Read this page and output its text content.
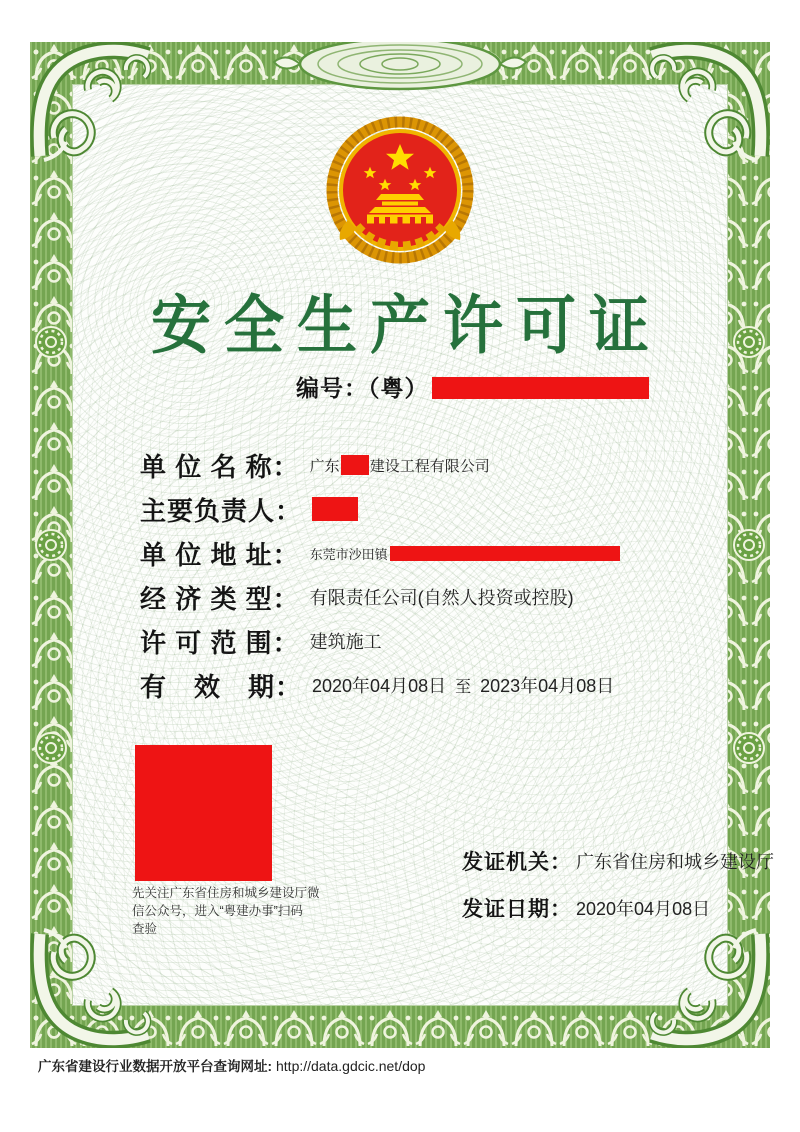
安全生产许可证
编号：（粤）
单 位 名 称： 广东 建设工程有限公司
主要负责人：
单 位 地 址： 东莞市沙田镇
经 济 类 型： 有限责任公司(自然人投资或控股)
许 可 范 围： 建筑施工
有　效　期： 2020年04月08日 至 2023年04月08日
先关注广东省住房和城乡建设厅微
信公众号，进入“粤建办事”扫码
查验
发证机关： 广东省住房和城乡建设厅
发证日期： 2020年04月08日
广东省建设行业数据开放平台查询网址: http://data.gdcic.net/dop
